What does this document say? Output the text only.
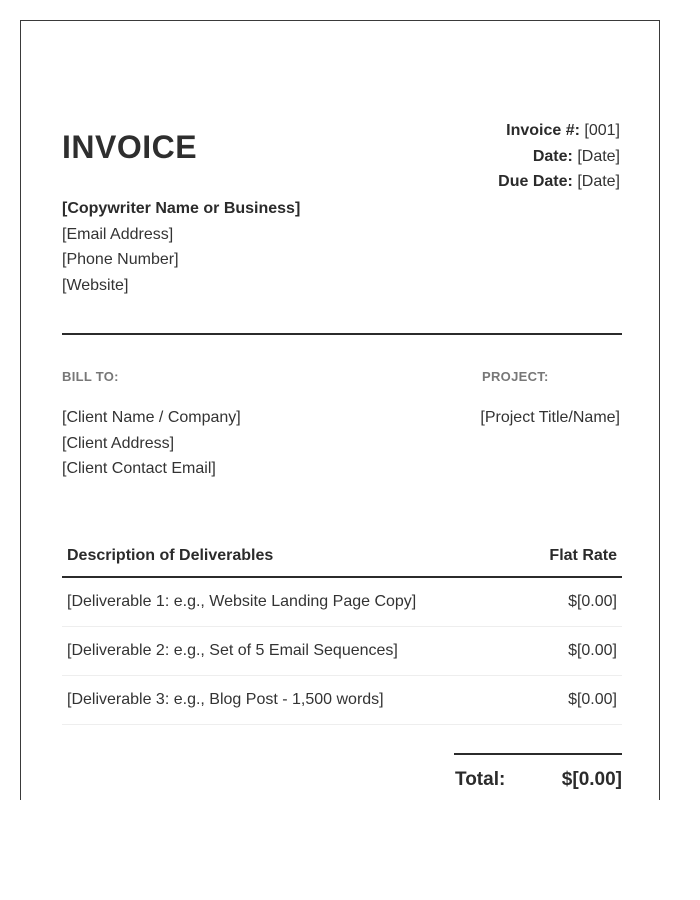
INVOICE	Invoice #: [001]
Date: [Date]
Due Date: [Date]
[Copywriter Name or Business]
[Email Address]
[Phone Number]
[Website]
BILL TO:	PROJECT:
[Client Name / Company]
[Client Address]
[Client Contact Email]
[Project Title/Name]
Description of Deliverables	Flat Rate
[Deliverable 1: e.g., Website Landing Page Copy]	$[0.00]
[Deliverable 2: e.g., Set of 5 Email Sequences]	$[0.00]
[Deliverable 3: e.g., Blog Post - 1,500 words]	$[0.00]
Total:	$[0.00]
